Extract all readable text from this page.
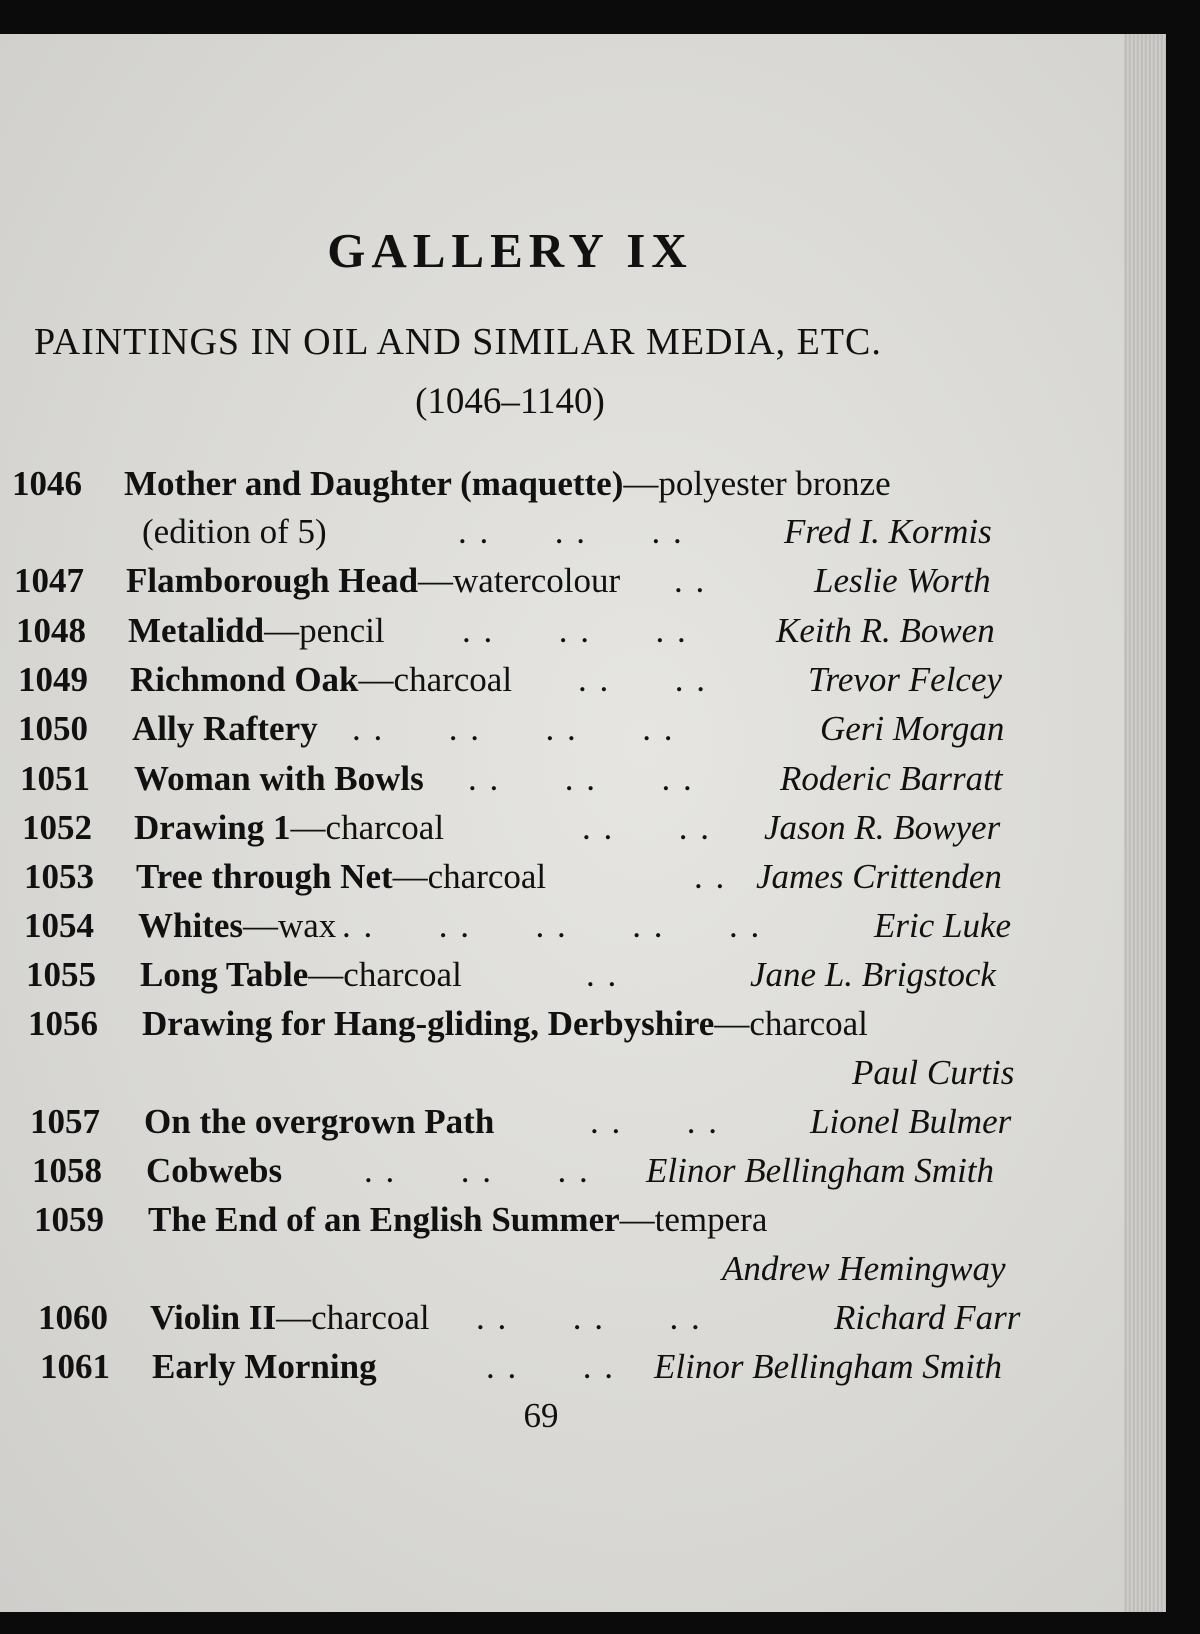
GALLERY IX
PAINTINGS IN OIL AND SIMILAR MEDIA, ETC.
(1046–1140)
1046 Mother and Daughter (maquette)—polyester bronze
(edition of 5)	. .      . .      . .	Fred I. Kormis
1047 Flamborough Head—watercolour . .	Leslie Worth
1048 Metalidd—pencil . .      . .      . .	Keith R. Bowen
1049 Richmond Oak—charcoal . .      . .	Trevor Felcey
1050 Ally Raftery . .      . .      . .      . .	Geri Morgan
1051 Woman with Bowls . .      . .      . . Roderic Barratt
1052 Drawing 1—charcoal	. .      . . Jason R. Bowyer
1053 Tree through Net—charcoal	. . James Crittenden
1054 Whites—wax . .      . .      . .      . .      . .	Eric Luke
1055 Long Table—charcoal	. .	Jane L. Brigstock
1056 Drawing for Hang-gliding, Derbyshire—charcoal
Paul Curtis
1057 On the overgrown Path	. .      . .	Lionel Bulmer
1058 Cobwebs . .      . .      . . Elinor Bellingham Smith
1059 The End of an English Summer—tempera
Andrew Hemingway
1060 Violin II—charcoal . .      . .      . .	Richard Farr
1061 Early Morning	. .      . . Elinor Bellingham Smith
69
